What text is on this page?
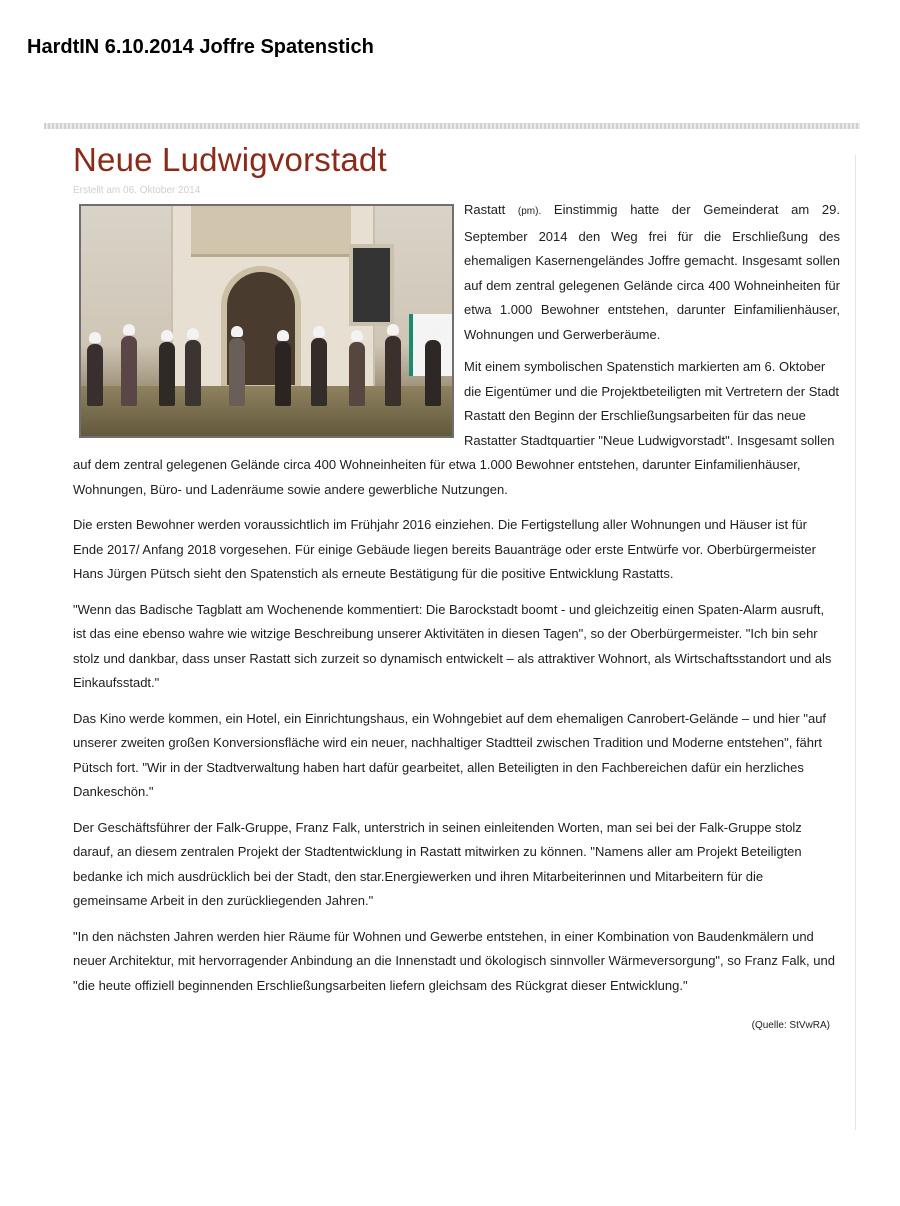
HardtIN 6.10.2014 Joffre Spatenstich
Neue Ludwigvorstadt
Erstellt am 06. Oktober 2014

Rastatt (pm). Einstimmig hatte der Gemeinderat am 29. September 2014 den Weg frei für die Erschließung des ehemaligen Kasernengeländes Joffre gemacht. Insgesamt sollen auf dem zentral gelegenen Gelände circa 400 Wohneinheiten für etwa 1.000 Bewohner entstehen, darunter Einfamilienhäuser, Wohnungen und Gerwerberäume.

Mit einem symbolischen Spatenstich markierten am 6. Oktober die Eigentümer und die Projektbeteiligten mit Vertretern der Stadt Rastatt den Beginn der Erschließungsarbeiten für das neue Rastatter Stadtquartier "Neue Ludwigvorstadt". Insgesamt sollen auf dem zentral gelegenen Gelände circa 400 Wohneinheiten für etwa 1.000 Bewohner entstehen, darunter Einfamilienhäuser, Wohnungen, Büro- und Ladenräume sowie andere gewerbliche Nutzungen.

Die ersten Bewohner werden voraussichtlich im Frühjahr 2016 einziehen. Die Fertigstellung aller Wohnungen und Häuser ist für Ende 2017/ Anfang 2018 vorgesehen. Für einige Gebäude liegen bereits Bauanträge oder erste Entwürfe vor. Oberbürgermeister Hans Jürgen Pütsch sieht den Spatenstich als erneute Bestätigung für die positive Entwicklung Rastatts.

"Wenn das Badische Tagblatt am Wochenende kommentiert: Die Barockstadt boomt - und gleichzeitig einen Spaten-Alarm ausruft, ist das eine ebenso wahre wie witzige Beschreibung unserer Aktivitäten in diesen Tagen", so der Oberbürgermeister. "Ich bin sehr stolz und dankbar, dass unser Rastatt sich zurzeit so dynamisch entwickelt – als attraktiver Wohnort, als Wirtschaftsstandort und als Einkaufsstadt."

Das Kino werde kommen, ein Hotel, ein Einrichtungshaus, ein Wohngebiet auf dem ehemaligen Canrobert-Gelände – und hier "auf unserer zweiten großen Konversionsfläche wird ein neuer, nachhaltiger Stadtteil zwischen Tradition und Moderne entstehen", fährt Pütsch fort. "Wir in der Stadtverwaltung haben hart dafür gearbeitet, allen Beteiligten in den Fachbereichen dafür ein herzliches Dankeschön."

Der Geschäftsführer der Falk-Gruppe, Franz Falk, unterstrich in seinen einleitenden Worten, man sei bei der Falk-Gruppe stolz darauf, an diesem zentralen Projekt der Stadtentwicklung in Rastatt mitwirken zu können. "Namens aller am Projekt Beteiligten bedanke ich mich ausdrücklich bei der Stadt, den star.Energiewerken und ihren Mitarbeiterinnen und Mitarbeitern für die gemeinsame Arbeit in den zurückliegenden Jahren."

"In den nächsten Jahren werden hier Räume für Wohnen und Gewerbe entstehen, in einer Kombination von Baudenkmälern und neuer Architektur, mit hervorragender Anbindung an die Innenstadt und ökologisch sinnvoller Wärmeversorgung", so Franz Falk, und "die heute offiziell beginnenden Erschließungsarbeiten liefern gleichsam des Rückgrat dieser Entwicklung."

(Quelle: StVwRA)
